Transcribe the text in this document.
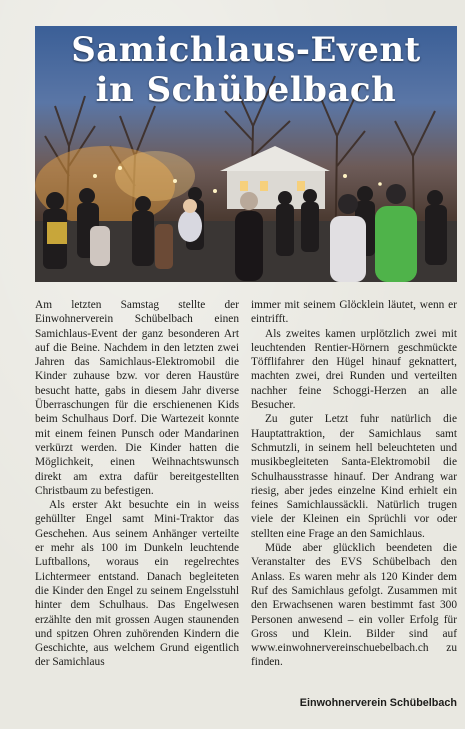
Samichlaus-Event
in Schübelbach

Am letzten Samstag stellte der Einwohnerverein Schübelbach einen Samichlaus-Event der ganz besonderen Art auf die Beine. Nachdem in den letzten zwei Jahren das Samichlaus-Elektromobil die Kinder zuhause bzw. vor deren Haustüre besucht hatte, gabs in diesem Jahr diverse Überraschungen für die erschienenen Kids beim Schulhaus Dorf. Die Wartezeit konnte mit einem feinen Punsch oder Mandarinen verkürzt werden. Die Kinder hatten die Möglichkeit, einen Weihnachtswunsch direkt am extra dafür bereitgestellten Christbaum zu befestigen.

Als erster Akt besuchte ein in weiss gehüllter Engel samt Mini-Traktor das Geschehen. Aus seinem Anhänger verteilte er mehr als 100 im Dunkeln leuchtende Luftballons, woraus ein regelrechtes Lichtermeer entstand. Danach begleiteten die Kinder den Engel zu seinem Engelsstuhl hinter dem Schulhaus. Das Engelwesen erzählte den mit grossen Augen staunenden und spitzen Ohren zuhörenden Kindern die Geschichte, aus welchem Grund eigentlich der Samichlaus

immer mit seinem Glöcklein läutet, wenn er eintrifft.

Als zweites kamen urplötzlich zwei mit leuchtenden Rentier-Hörnern geschmückte Töfflifahrer den Hügel hinauf geknattert, machten zwei, drei Runden und verteilten nachher feine Schoggi-Herzen an alle Besucher.

Zu guter Letzt fuhr natürlich die Hauptattraktion, der Samichlaus samt Schmutzli, in seinem hell beleuchteten und musikbegleiteten Santa-Elektromobil die Schulhausstrasse hinauf. Der Andrang war riesig, aber jedes einzelne Kind erhielt ein feines Samichlaussäckli. Natürlich trugen viele der Kleinen ein Sprüchli vor oder stellten eine Frage an den Samichlaus.

Müde aber glücklich beendeten die Veranstalter des EVS Schübelbach den Anlass. Es waren mehr als 120 Kinder dem Ruf des Samichlaus gefolgt. Zusammen mit den Erwachsenen waren bestimmt fast 300 Personen anwesend – ein voller Erfolg für Gross und Klein. Bilder sind auf www.einwohnervereinschuebelbach.ch zu finden.

Einwohnerverein Schübelbach
